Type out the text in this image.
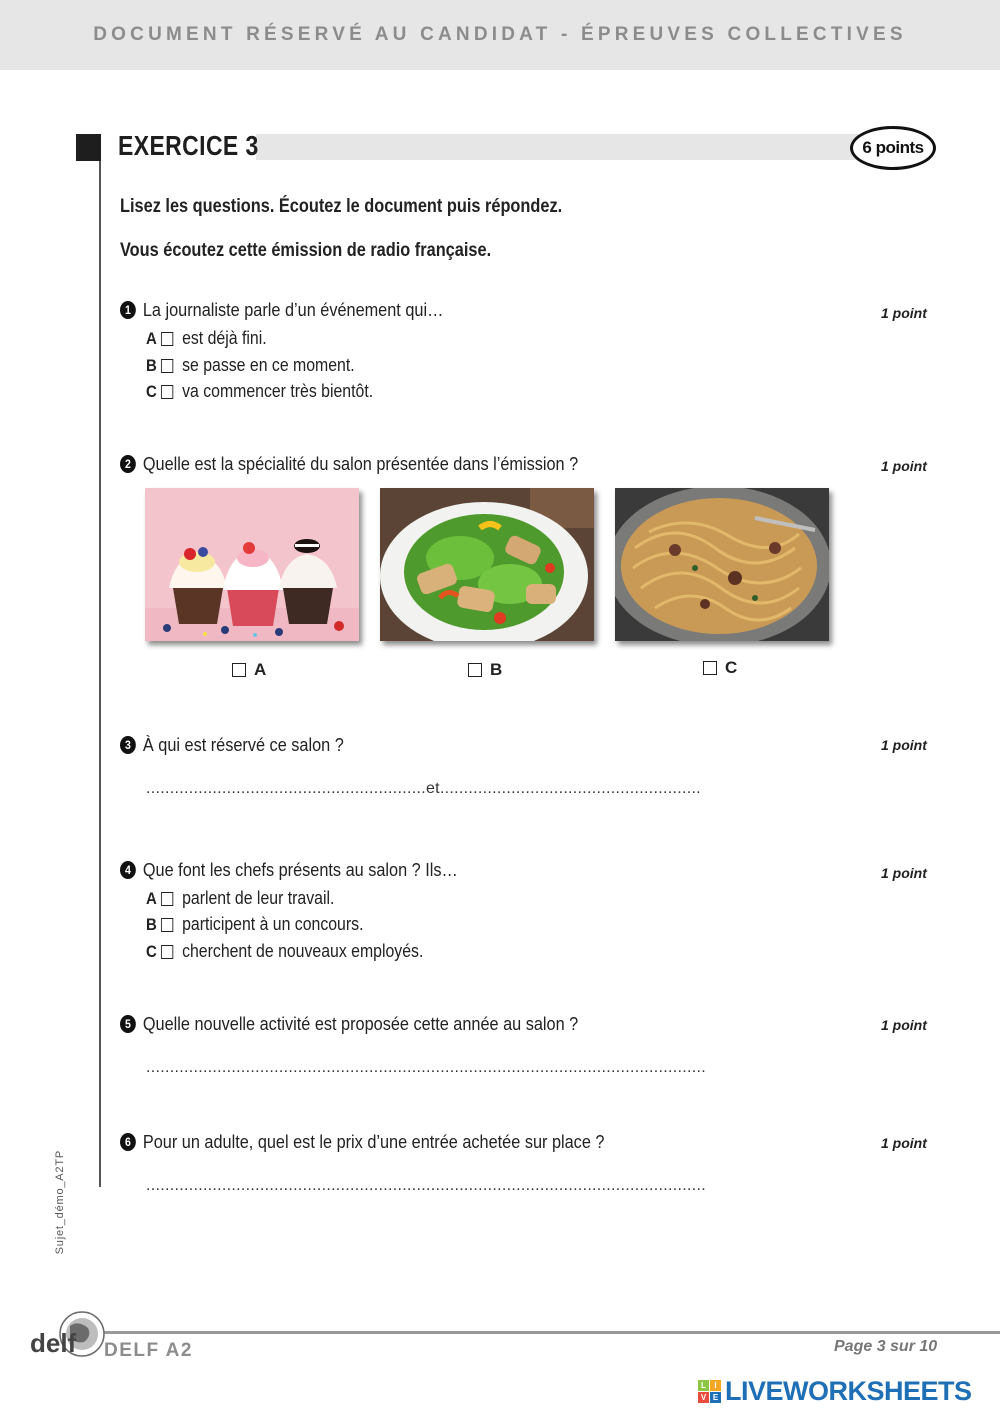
DOCUMENT RÉSERVÉ AU CANDIDAT - ÉPREUVES COLLECTIVES
EXERCICE 3	6 points
Lisez les questions. Écoutez le document puis répondez.
Vous écoutez cette émission de radio française.
1 La journaliste parle d’un événement qui…	1 point
A est déjà fini.
B se passe en ce moment.
C va commencer très bientôt.
2 Quelle est la spécialité du salon présentée dans l’émission ?	1 point
A	B	C
3 À qui est réservé ce salon ?	1 point
...........................................................et.......................................................
4 Que font les chefs présents au salon ? Ils…	1 point
A parlent de leur travail.
B participent à un concours.
C cherchent de nouveaux employés.
5 Quelle nouvelle activité est proposée cette année au salon ?	1 point
......................................................................................................................
6 Pour un adulte, quel est le prix d’une entrée achetée sur place ?	1 point
......................................................................................................................
Sujet_démo_A2TP
delf DELF A2	Page 3 sur 10
L	I
V E LIVEWORKSHEETS
